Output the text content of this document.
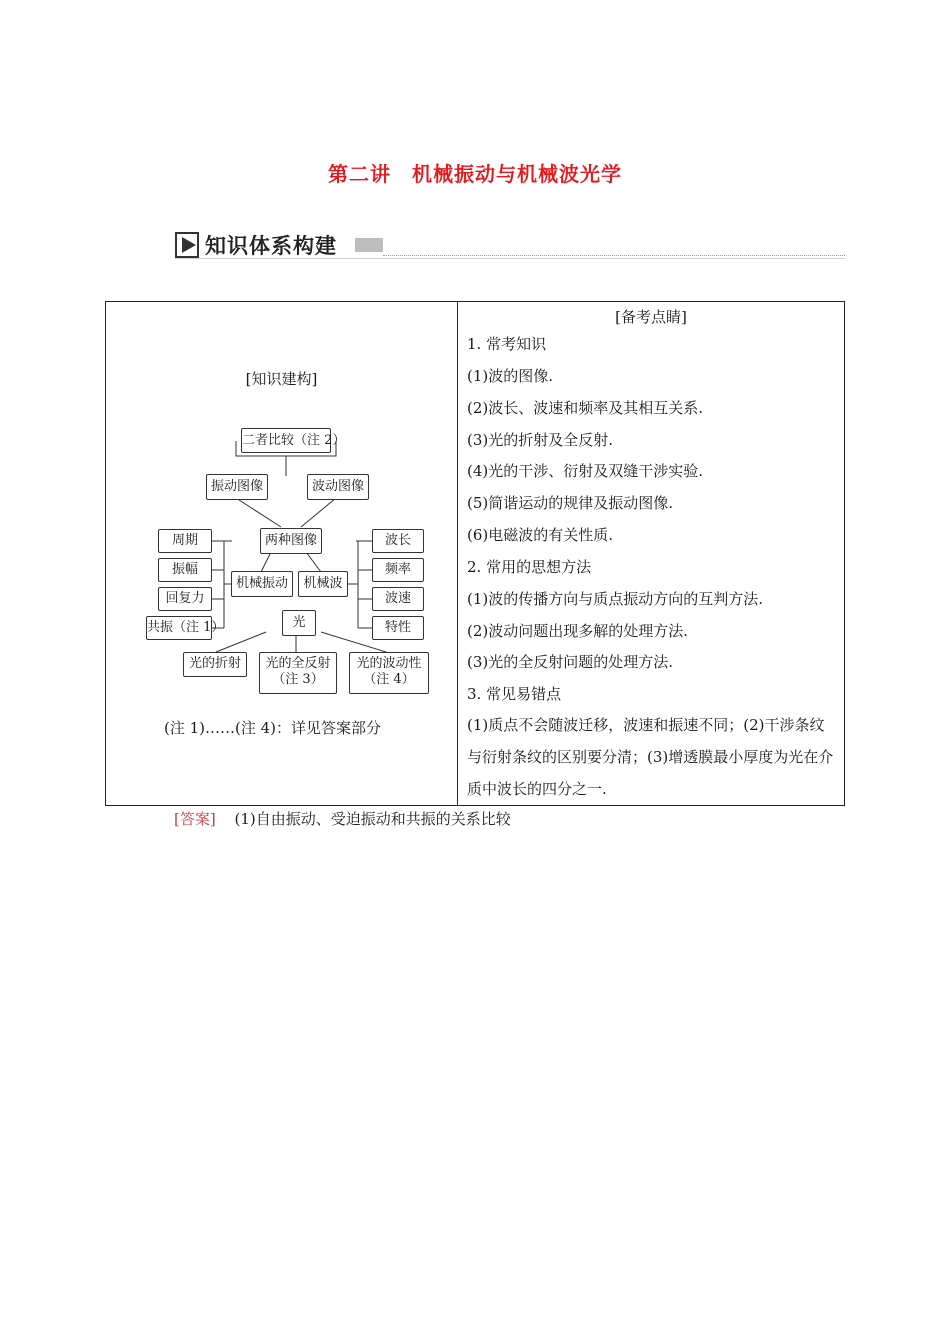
第二讲　机械振动与机械波光学
知识体系构建
[知识建构]
二者比较（注 2）
振动图像	波动图像
两种图像
机械振动	机械波
周期
振幅
回复力
共振（注 1）
波长
频率
波速
特性
光
光的折射	光的全反射
（注 3）
光的波动性
（注 4）
(注 1)……(注 4)：详见答案部分
[备考点睛]
1. 常考知识
(1)波的图像.
(2)波长、波速和频率及其相互关系.
(3)光的折射及全反射.
(4)光的干涉、衍射及双缝干涉实验.
(5)简谐运动的规律及振动图像.
(6)电磁波的有关性质.
2. 常用的思想方法
(1)波的传播方向与质点振动方向的互判方法.
(2)波动问题出现多解的处理方法.
(3)光的全反射问题的处理方法.
3. 常见易错点
(1)质点不会随波迁移，波速和振速不同；(2)干涉条纹与衍射条纹的区别要分清；(3)增透膜最小厚度为光在介质中波长的四分之一.
[答案] (1)自由振动、受迫振动和共振的关系比较
